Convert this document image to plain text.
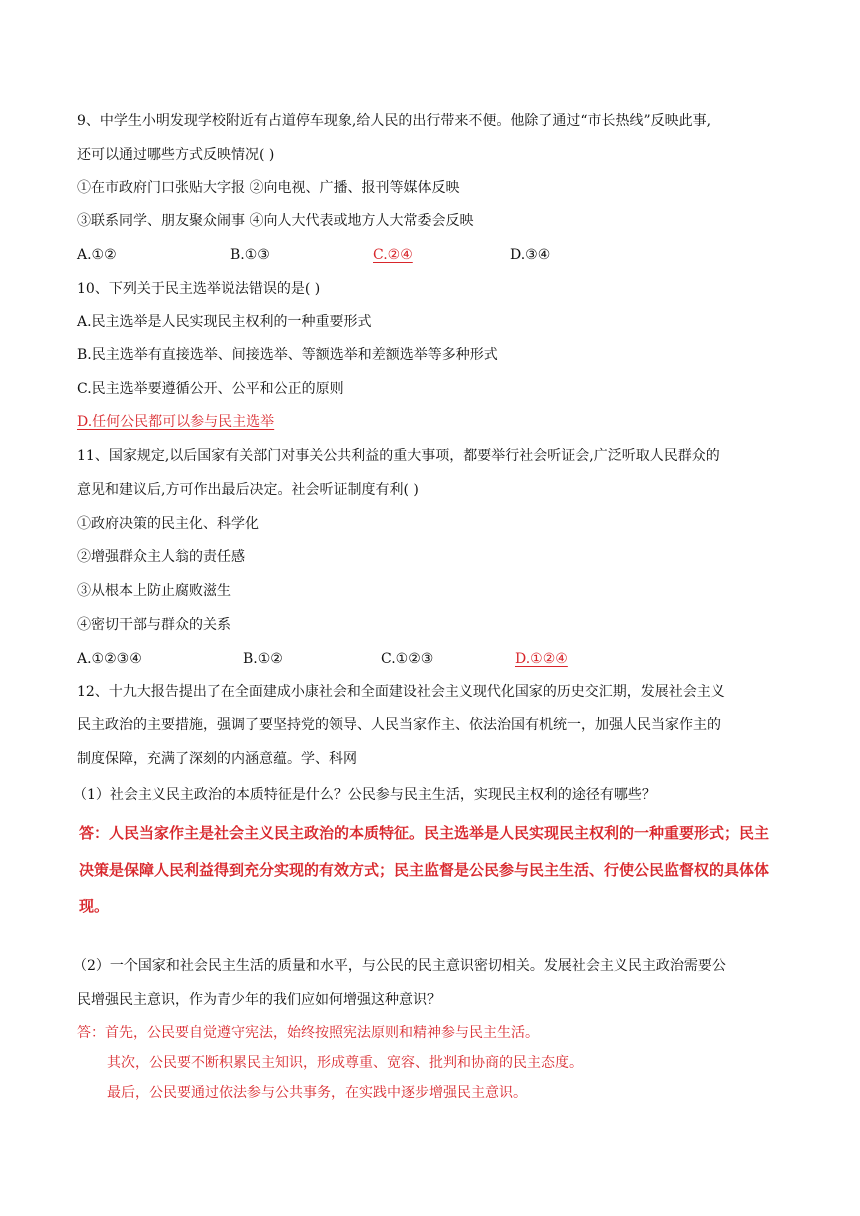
9、中学生小明发现学校附近有占道停车现象,给人民的出行带来不便。他除了通过“市长热线”反映此事,
还可以通过哪些方式反映情况( )
①在市政府门口张贴大字报 ②向电视、广播、报刊等媒体反映
③联系同学、朋友聚众闹事 ④向人大代表或地方人大常委会反映
A.①②	B.①③	C.②④	D.③④
10、下列关于民主选举说法错误的是( )
A.民主选举是人民实现民主权利的一种重要形式
B.民主选举有直接选举、间接选举、等额选举和差额选举等多种形式
C.民主选举要遵循公开、公平和公正的原则
D.任何公民都可以参与民主选举
11、国家规定,以后国家有关部门对事关公共利益的重大事项，都要举行社会听证会,广泛听取人民群众的
意见和建议后,方可作出最后决定。社会听证制度有利( )
①政府决策的民主化、科学化
②增强群众主人翁的责任感
③从根本上防止腐败滋生
④密切干部与群众的关系
A.①②③④	B.①②	C.①②③	D.①②④
12、十九大报告提出了在全面建成小康社会和全面建设社会主义现代化国家的历史交汇期，发展社会主义
民主政治的主要措施，强调了要坚持党的领导、人民当家作主、依法治国有机统一，加强人民当家作主的
制度保障，充满了深刻的内涵意蕴。学、科网
（1）社会主义民主政治的本质特征是什么？公民参与民主生活，实现民主权利的途径有哪些？
答：人民当家作主是社会主义民主政治的本质特征。民主选举是人民实现民主权利的一种重要形式；民主
决策是保障人民利益得到充分实现的有效方式；民主监督是公民参与民主生活、行使公民监督权的具体体
现。
（2）一个国家和社会民主生活的质量和水平，与公民的民主意识密切相关。发展社会主义民主政治需要公
民增强民主意识，作为青少年的我们应如何增强这种意识？
答：首先，公民要自觉遵守宪法，始终按照宪法原则和精神参与民主生活。
其次，公民要不断积累民主知识，形成尊重、宽容、批判和协商的民主态度。
最后，公民要通过依法参与公共事务，在实践中逐步增强民主意识。
